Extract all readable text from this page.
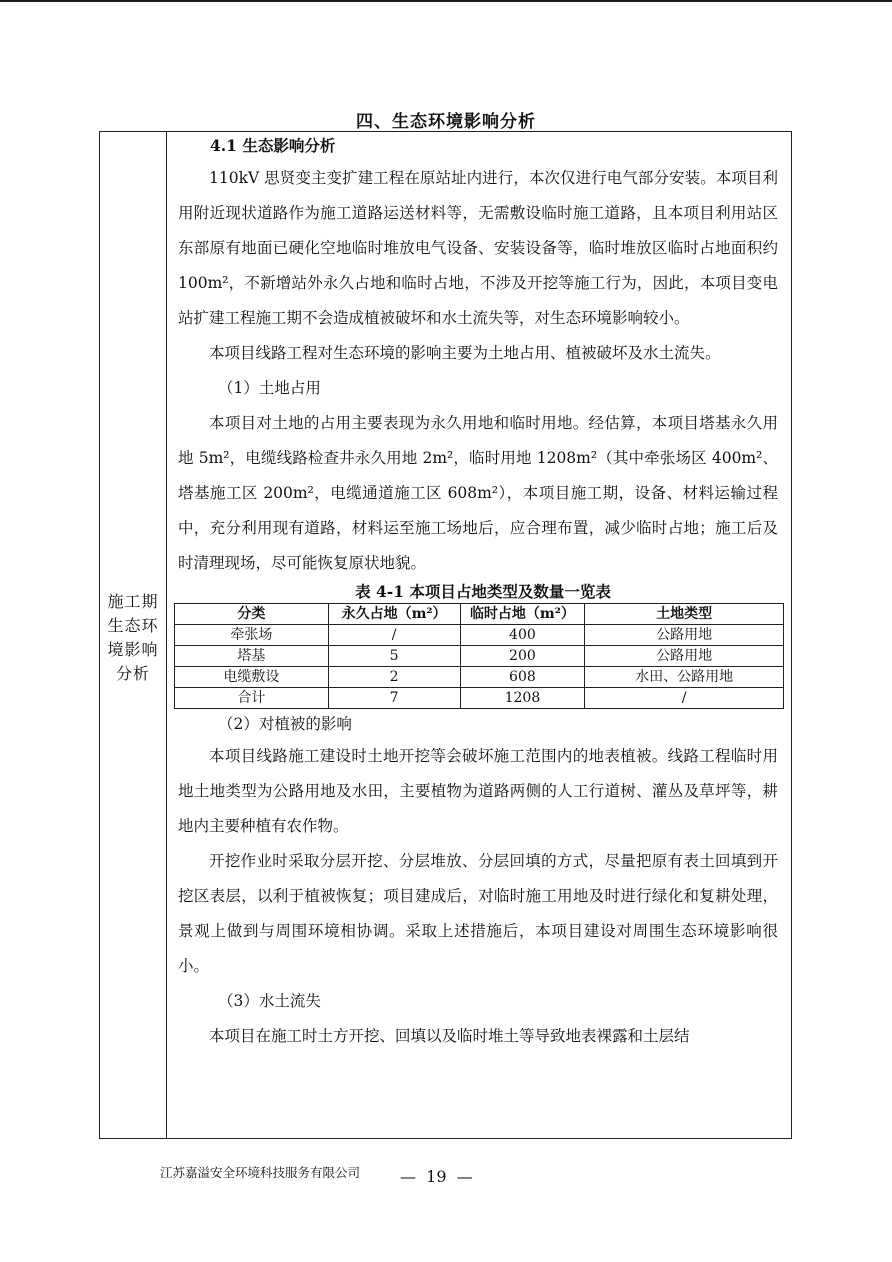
四、生态环境影响分析
施工期
生态环
境影响
分析

4.1 生态影响分析

110kV 思贤变主变扩建工程在原站址内进行，本次仅进行电气部分安装。本项目利用附近现状道路作为施工道路运送材料等，无需敷设临时施工道路，且本项目利用站区东部原有地面已硬化空地临时堆放电气设备、安装设备等，临时堆放区临时占地面积约 100m²，不新增站外永久占地和临时占地，不涉及开挖等施工行为，因此，本项目变电站扩建工程施工期不会造成植被破坏和水土流失等，对生态环境影响较小。

本项目线路工程对生态环境的影响主要为土地占用、植被破坏及水土流失。

（1）土地占用

本项目对土地的占用主要表现为永久用地和临时用地。经估算，本项目塔基永久用地 5m²，电缆线路检查井永久用地 2m²，临时用地 1208m²（其中牵张场区 400m²、塔基施工区 200m²，电缆通道施工区 608m²），本项目施工期，设备、材料运输过程中，充分利用现有道路，材料运至施工场地后，应合理布置，减少临时占地；施工后及时清理现场，尽可能恢复原状地貌。

表 4-1 本项目占地类型及数量一览表

分类	永久占地（m²）	临时占地（m²）	土地类型
牵张场	/	400	公路用地
塔基	5	200	公路用地
电缆敷设	2	608	水田、公路用地
合计	7	1208	/

（2）对植被的影响

本项目线路施工建设时土地开挖等会破坏施工范围内的地表植被。线路工程临时用地土地类型为公路用地及水田，主要植物为道路两侧的人工行道树、灌丛及草坪等，耕地内主要种植有农作物。

开挖作业时采取分层开挖、分层堆放、分层回填的方式，尽量把原有表土回填到开挖区表层，以利于植被恢复；项目建成后，对临时施工用地及时进行绿化和复耕处理，景观上做到与周围环境相协调。采取上述措施后，本项目建设对周围生态环境影响很小。

（3）水土流失

本项目在施工时土方开挖、回填以及临时堆土等导致地表裸露和土层结

江苏嘉溢安全环境科技服务有限公司 —  19  —
